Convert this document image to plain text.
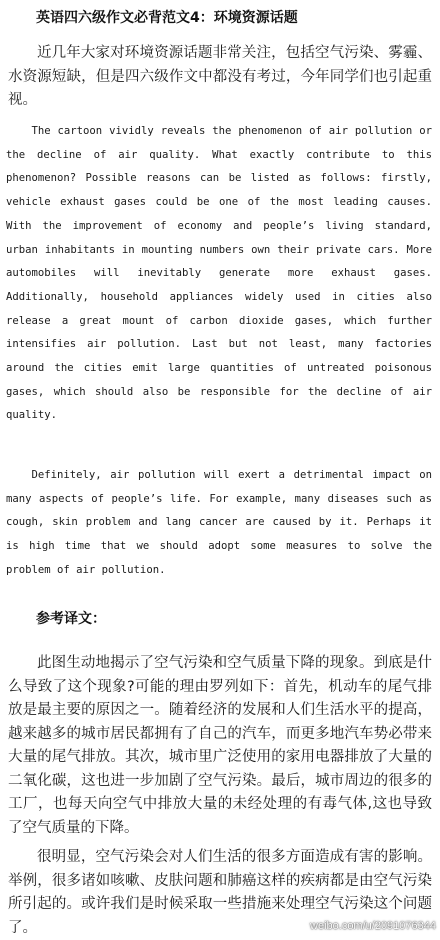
英语四六级作文必背范文4：环境资源话题

近几年大家对环境资源话题非常关注，包括空气污染、雾霾、水资源短缺，但是四六级作文中都没有考过，今年同学们也引起重视。

The cartoon vividly reveals the phenomenon of air pollution or the decline of air quality. What exactly contribute to this phenomenon? Possible reasons can be listed as follows: firstly, vehicle exhaust gases could be one of the most leading causes. With the improvement of economy and people’s living standard, urban inhabitants in mounting numbers own their private cars. More automobiles will inevitably generate more exhaust gases. Additionally, household appliances widely used in cities also release a great mount of carbon dioxide gases, which further intensifies air pollution. Last but not least, many factories around the cities emit large quantities of untreated poisonous gases, which should also be responsible for the decline of air quality.

Definitely, air pollution will exert a detrimental impact on many aspects of people’s life. For example, many diseases such as cough, skin problem and lang cancer are caused by it. Perhaps it is high time that we should adopt some measures to solve the problem of air pollution.

参考译文：

此图生动地揭示了空气污染和空气质量下降的现象。到底是什么导致了这个现象?可能的理由罗列如下：首先，机动车的尾气排放是最主要的原因之一。随着经济的发展和人们生活水平的提高，越来越多的城市居民都拥有了自己的汽车，而更多地汽车势必带来大量的尾气排放。其次，城市里广泛使用的家用电器排放了大量的二氧化碳，这也进一步加剧了空气污染。最后，城市周边的很多的工厂，也每天向空气中排放大量的未经处理的有毒气体,这也导致了空气质量的下降。

很明显，空气污染会对人们生活的很多方面造成有害的影响。举例，很多诸如咳嗽、皮肤问题和肺癌这样的疾病都是由空气污染所引起的。或许我们是时候采取一些措施来处理空气污染这个问题了。	weibo.com/u/2091076344
